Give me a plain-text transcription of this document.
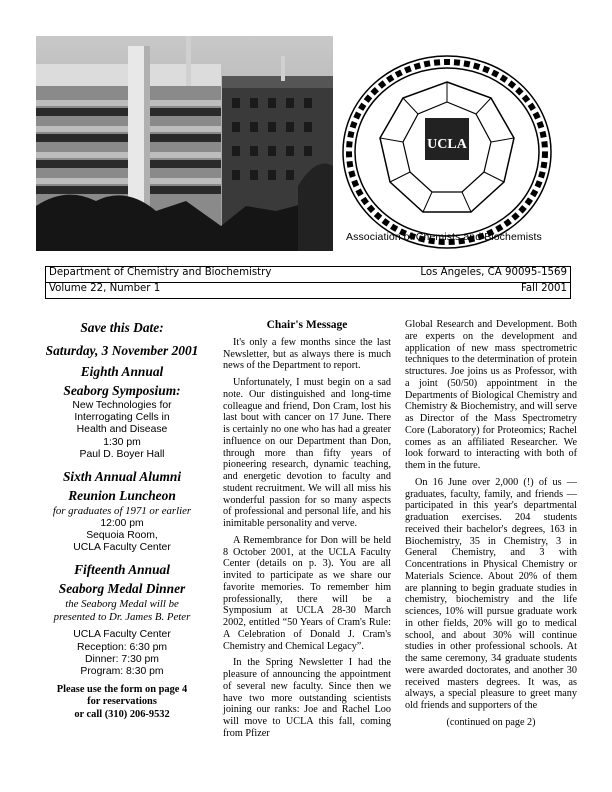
UCLA
Association of Chemists and Biochemists
Department of Chemistry and Biochemistry	Los Angeles, CA 90095-1569
Volume 22, Number 1	Fall 2001
Save this Date:
Saturday, 3 November 2001
Eighth Annual
Seaborg Symposium:
New Technologies for
Interrogating Cells in
Health and Disease
1:30 pm
Paul D. Boyer Hall
Sixth Annual Alumni
Reunion Luncheon
for graduates of 1971 or earlier
12:00 pm
Sequoia Room,
UCLA Faculty Center
Fifteenth Annual
Seaborg Medal Dinner
the Seaborg Medal will be
presented to Dr. James B. Peter
UCLA Faculty Center
Reception: 6:30 pm
Dinner: 7:30 pm
Program: 8:30 pm
Please use the form on page 4
for reservations
or call (310) 206-9532
Chair's Message

It's only a few months since the last Newsletter, but as always there is much news of the Department to report.

Unfortunately, I must begin on a sad note. Our distinguished and long-time colleague and friend, Don Cram, lost his last bout with cancer on 17 June. There is certainly no one who has had a greater influence on our Department than Don, through more than fifty years of pioneering research, dynamic teaching, and energetic devotion to faculty and student recruitment. We will all miss his wonderful passion for so many aspects of professional and personal life, and his inimitable personality and verve.

A Remembrance for Don will be held 8 October 2001, at the UCLA Faculty Center (details on p. 3). You are all invited to participate as we share our favorite memories. To remember him professionally, there will be a Symposium at UCLA 28-30 March 2002, entitled “50 Years of Cram's Rule: A Celebration of Donald J. Cram's Chemistry and Chemical Legacy”.

In the Spring Newsletter I had the pleasure of announcing the appointment of several new faculty. Since then we have two more outstanding scientists joining our ranks: Joe and Rachel Loo will move to UCLA this fall, coming from Pfizer

Global Research and Development. Both are experts on the development and application of new mass spectrometric techniques to the determination of protein structures. Joe joins us as Professor, with a joint (50/50) appointment in the Departments of Biological Chemistry and Chemistry & Biochemistry, and will serve as Director of the Mass Spectrometry Core (Laboratory) for Proteomics; Rachel comes as an affiliated Researcher. We look forward to interacting with both of them in the future.

On 16 June over 2,000 (!) of us — graduates, faculty, family, and friends — participated in this year's departmental graduation exercises. 204 students received their bachelor's degrees, 163 in Biochemistry, 35 in Chemistry, 3 in General Chemistry, and 3 with Concentrations in Physical Chemistry or Materials Science. About 20% of them are planning to begin graduate studies in chemistry, biochemistry and the life sciences, 10% will pursue graduate work in other fields, 20% will go to medical school, and about 30% will continue studies in other professional schools. At the same ceremony, 34 graduate students were awarded doctorates, and another 30 received masters degrees. It was, as always, a special pleasure to greet many old friends and supporters of the

(continued on page 2)
